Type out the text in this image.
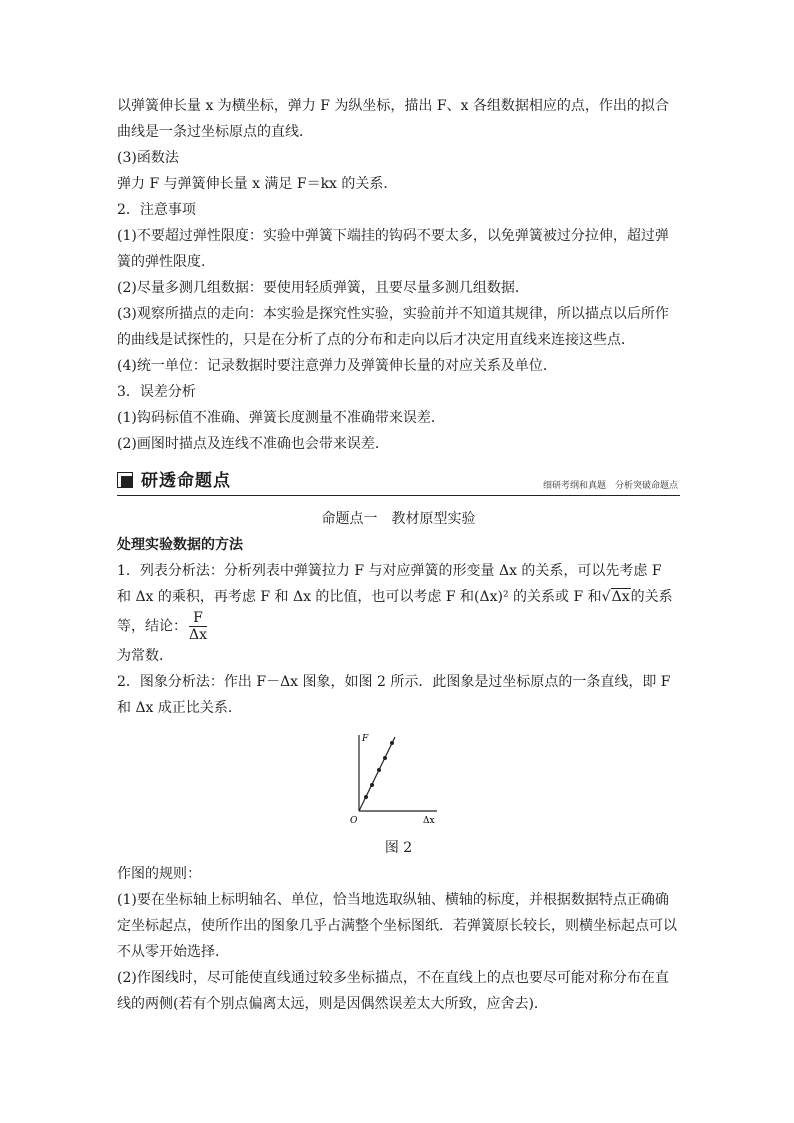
以弹簧伸长量 x 为横坐标，弹力 F 为纵坐标，描出 F、x 各组数据相应的点，作出的拟合曲线是一条过坐标原点的直线．

(3)函数法

弹力 F 与弹簧伸长量 x 满足 F＝kx 的关系．

2．注意事项

(1)不要超过弹性限度：实验中弹簧下端挂的钩码不要太多，以免弹簧被过分拉伸，超过弹簧的弹性限度．

(2)尽量多测几组数据：要使用轻质弹簧，且要尽量多测几组数据．

(3)观察所描点的走向：本实验是探究性实验，实验前并不知道其规律，所以描点以后所作的曲线是试探性的，只是在分析了点的分布和走向以后才决定用直线来连接这些点．

(4)统一单位：记录数据时要注意弹力及弹簧伸长量的对应关系及单位．

3．误差分析

(1)钩码标值不准确、弹簧长度测量不准确带来误差．

(2)画图时描点及连线不准确也会带来误差．

研透命题点	细研考纲和真题　分析突破命题点

命题点一　教材原型实验

处理实验数据的方法

1．列表分析法：分析列表中弹簧拉力 F 与对应弹簧的形变量 Δx 的关系，可以先考虑 F 和 Δx 的乘积，再考虑 F 和 Δx 的比值，也可以考虑 F 和(Δx)² 的关系或 F 和√Δx的关系等，结论： $\frac{F}{\Delta x}$

为常数．

2．图象分析法：作出 F－Δx 图象，如图 2 所示．此图象是过坐标原点的一条直线，即 F 和 Δx 成正比关系．

F
Δx
O

图 2

作图的规则：

(1)要在坐标轴上标明轴名、单位，恰当地选取纵轴、横轴的标度，并根据数据特点正确确定坐标起点，使所作出的图象几乎占满整个坐标图纸．若弹簧原长较长，则横坐标起点可以不从零开始选择．

(2)作图线时，尽可能使直线通过较多坐标描点，不在直线上的点也要尽可能对称分布在直线的两侧(若有个别点偏离太远，则是因偶然误差太大所致，应舍去)．
